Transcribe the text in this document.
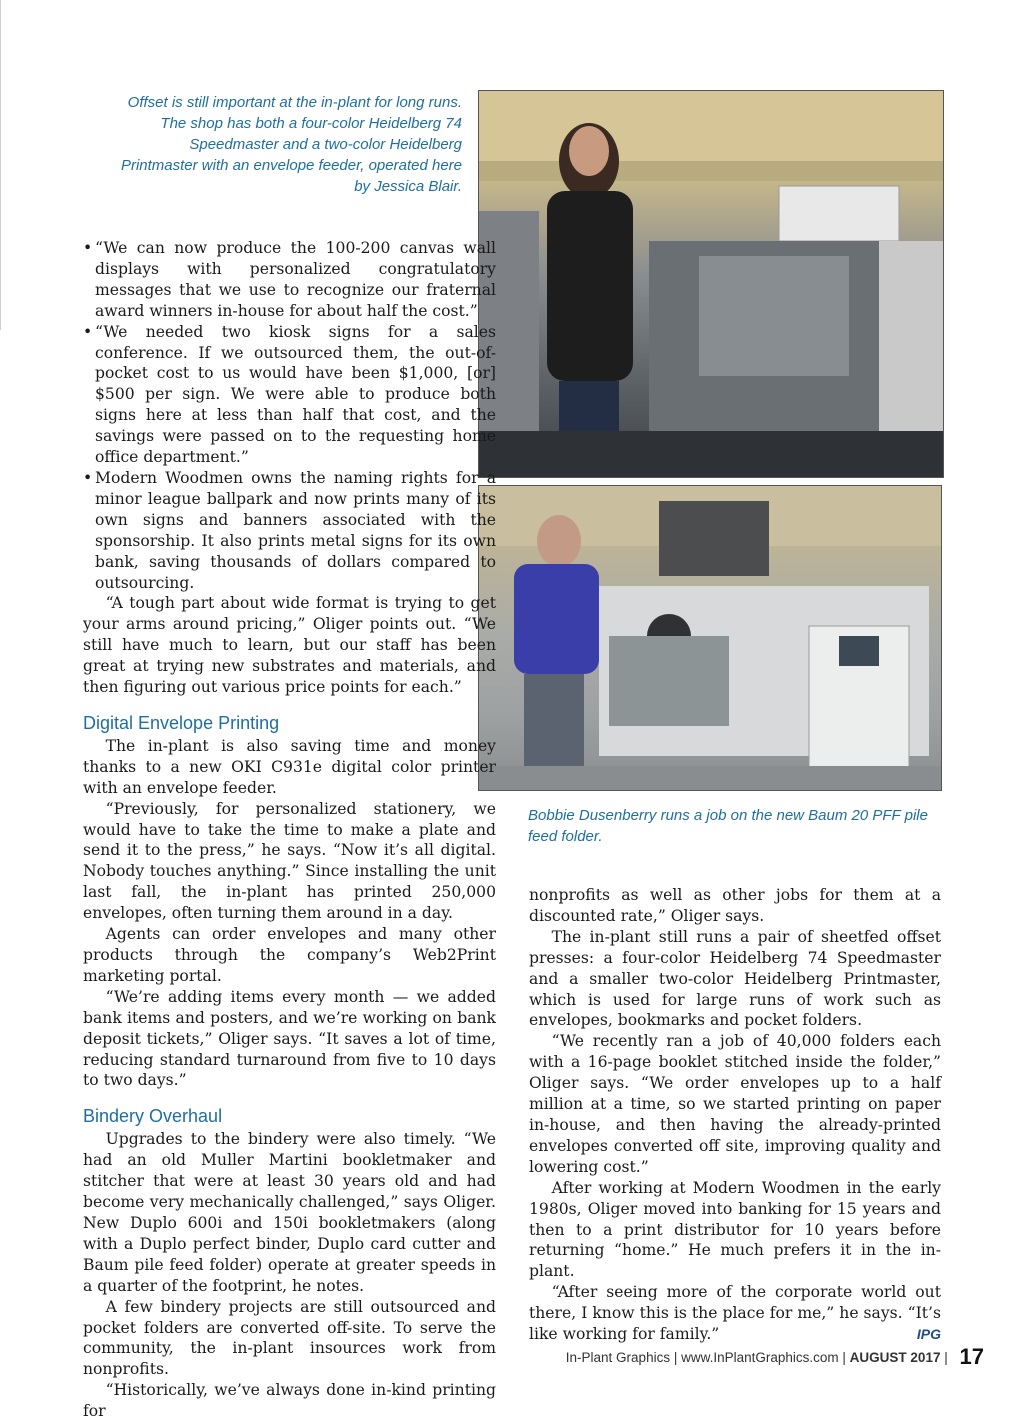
Offset is still important at the in-plant for long runs. The shop has both a four-color Heidelberg 74 Speedmaster and a two-color Heidelberg Printmaster with an envelope feeder, operated here by Jessica Blair.
Bobbie Dusenberry runs a job on the new Baum 20 PFF pile feed folder.
• “We can now produce the 100-200 canvas wall displays with personalized congratulatory messages that we use to recognize our fraternal award winners in-house for about half the cost.”
• “We needed two kiosk signs for a sales conference. If we outsourced them, the out-of-pocket cost to us would have been $1,000, [or] $500 per sign. We were able to produce both signs here at less than half that cost, and the savings were passed on to the requesting home office department.”
• Modern Woodmen owns the naming rights for a minor league ballpark and now prints many of its own signs and banners associated with the sponsorship. It also prints metal signs for its own bank, saving thousands of dollars compared to outsourcing.

“A tough part about wide format is trying to get your arms around pricing,” Oliger points out. “We still have much to learn, but our staff has been great at trying new substrates and materials, and then figuring out various price points for each.”

Digital Envelope Printing

The in-plant is also saving time and money thanks to a new OKI C931e digital color printer with an envelope feeder.

“Previously, for personalized stationery, we would have to take the time to make a plate and send it to the press,” he says. “Now it’s all digital. Nobody touches anything.” Since installing the unit last fall, the in-plant has printed 250,000 envelopes, often turning them around in a day.

Agents can order envelopes and many other products through the company’s Web2Print marketing portal.

“We’re adding items every month — we added bank items and posters, and we’re working on bank deposit tickets,” Oliger says. “It saves a lot of time, reducing standard turnaround from five to 10 days to two days.”

Bindery Overhaul

Upgrades to the bindery were also timely. “We had an old Muller Martini bookletmaker and stitcher that were at least 30 years old and had become very mechanically challenged,” says Oliger. New Duplo 600i and 150i bookletmakers (along with a Duplo perfect binder, Duplo card cutter and Baum pile feed folder) operate at greater speeds in a quarter of the footprint, he notes.

A few bindery projects are still outsourced and pocket folders are converted off-site. To serve the community, the in-plant insources work from nonprofits.

“Historically, we’ve always done in-kind printing for

nonprofits as well as other jobs for them at a discounted rate,” Oliger says.

The in-plant still runs a pair of sheetfed offset presses: a four-color Heidelberg 74 Speedmaster and a smaller two-color Heidelberg Printmaster, which is used for large runs of work such as envelopes, bookmarks and pocket folders.

“We recently ran a job of 40,000 folders each with a 16-page booklet stitched inside the folder,” Oliger says. “We order envelopes up to a half million at a time, so we started printing on paper in-house, and then having the already-printed envelopes converted off site, improving quality and lowering cost.”

After working at Modern Woodmen in the early 1980s, Oliger moved into banking for 15 years and then to a print distributor for 10 years before returning “home.” He much prefers it in the in-plant.

“After seeing more of the corporate world out there, I know this is the place for me,” he says. “It’s like working for family.”	IPG

In-Plant Graphics | www.InPlantGraphics.com | AUGUST 2017 | 17
